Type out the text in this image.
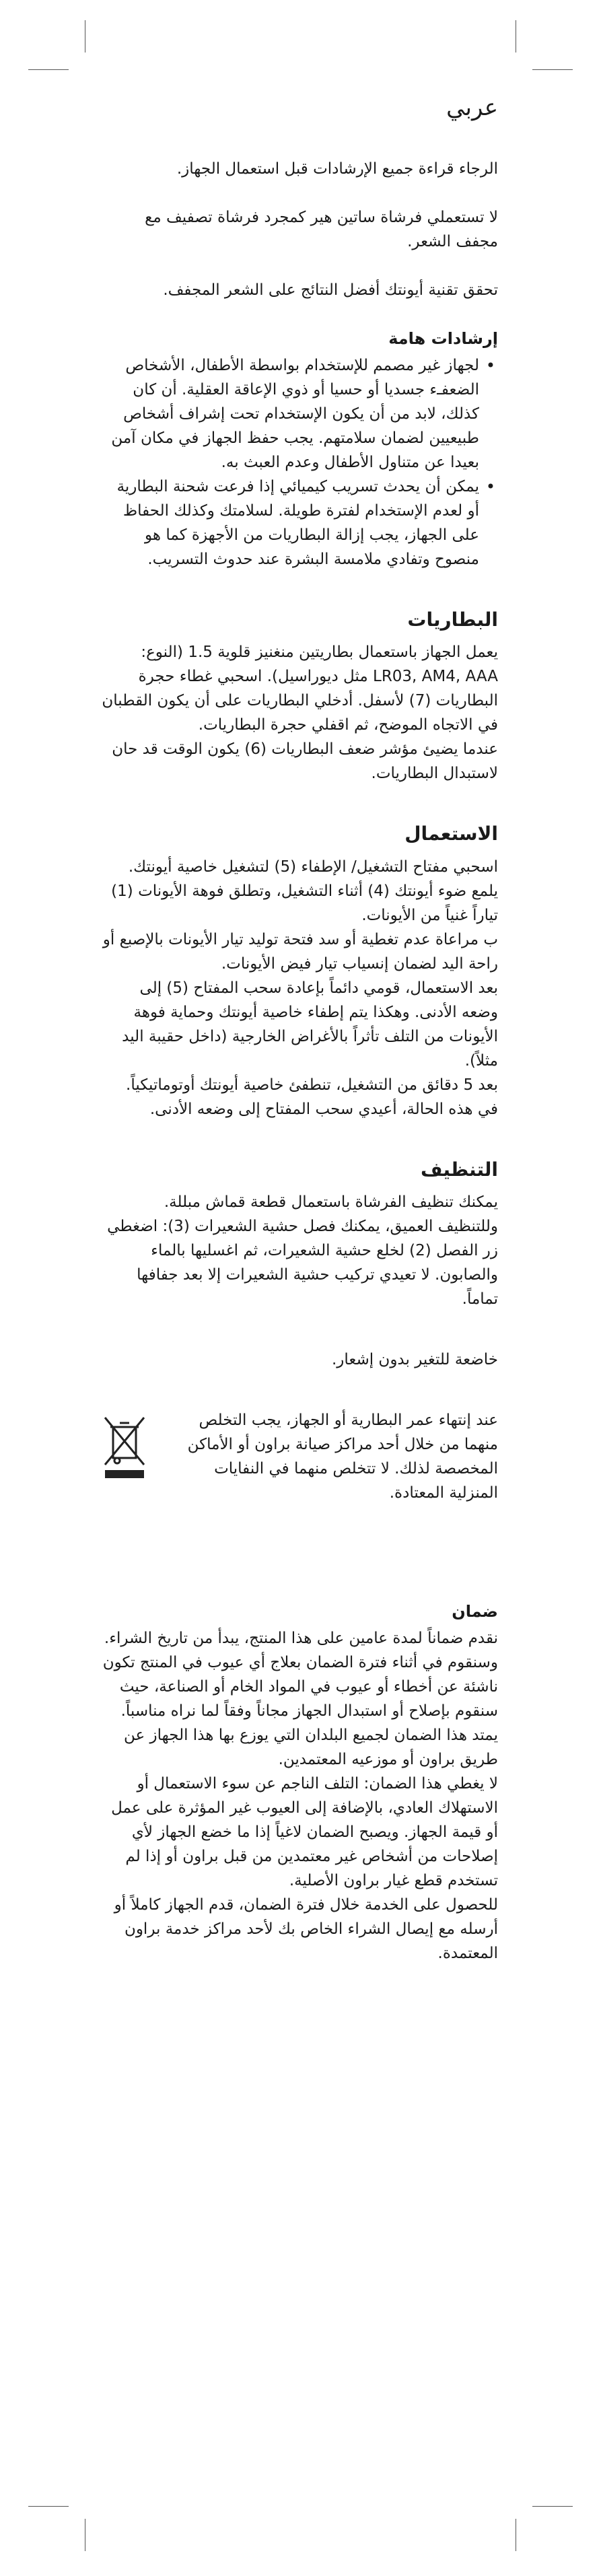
عربي

الرجاء قراءة جميع الإرشادات قبل استعمال الجهاز.

لا تستعملي فرشاة ساتين هير كمجرد فرشاة تصفيف مع مجفف الشعر.

تحقق تقنية أيونتك أفضل النتائج على الشعر المجفف.

إرشادات هامة
• لجهاز غير مصمم للإستخدام بواسطة الأطفال، الأشخاص الضعفـء جسديا أو حسيا أو ذوي الإعاقة العقلية. أن كان كذلك، لابد من أن يكون الإستخدام تحت إشراف أشخاص طبيعيين لضمان سلامتهم. يجب حفظ الجهاز في مكان آمن بعيدا عن متناول الأطفال وعدم العبث به.
• يمكن أن يحدث تسريب كيميائي إذا فرعت شحنة البطارية أو لعدم الإستخدام لفترة طويلة. لسلامتك وكذلك الحفاظ على الجهاز، يجب إزالة البطاريات من الأجهزة كما هو منصوح وتفادي ملامسة البشرة عند حدوث التسريب.
البطاريات

يعمل الجهاز باستعمال بطاريتين منغنيز قلوية 1.5 (النوع: LR03, AM4, AAA مثل ديوراسيل). اسحبي غطاء حجرة البطاريات (7) لأسفل. أدخلي البطاريات على أن يكون القطبان في الاتجاه الموضح، ثم اقفلي حجرة البطاريات.

عندما يضيئ مؤشر ضعف البطاريات (6) يكون الوقت قد حان لاستبدال البطاريات.

الاستعمال

اسحبي مفتاح التشغيل/ الإطفاء (5) لتشغيل خاصية أيونتك. يلمع ضوء أيونتك (4) أثناء التشغيل، وتطلق فوهة الأيونات (1) تياراً غنياً من الأيونات.

ب مراعاة عدم تغطية أو سد فتحة توليد تيار الأيونات بالإصبع أو راحة اليد لضمان إنسياب تيار فيض الأيونات.

بعد الاستعمال، قومي دائماً بإعادة سحب المفتاح (5) إلى وضعه الأدنى. وهكذا يتم إطفاء خاصية أيونتك وحماية فوهة الأيونات من التلف تأثراً بالأغراض الخارجية (داخل حقيبة اليد مثلاً).

بعد 5 دقائق من التشغيل، تنطفئ خاصية أيونتك أوتوماتيكياً. في هذه الحالة، أعيدي سحب المفتاح إلى وضعه الأدنى.

التنظيف

يمكنك تنظيف الفرشاة باستعمال قطعة قماش مبللة. وللتنظيف العميق، يمكنك فصل حشية الشعيرات (3): اضغطي زر الفصل (2) لخلع حشية الشعيرات، ثم اغسليها بالماء والصابون. لا تعيدي تركيب حشية الشعيرات إلا بعد جفافها تماماً.

خاضعة للتغير بدون إشعار.

عند إنتهاء عمر البطارية أو الجهاز، يجب التخلص منهما من خلال أحد مراكز صيانة براون أو الأماكن المخصصة لذلك. لا تتخلص منهما في النفايات المنزلية المعتادة.

ضمان

نقدم ضماناً لمدة عامين على هذا المنتج، يبدأ من تاريخ الشراء. وسنقوم في أثناء فترة الضمان بعلاج أي عيوب في المنتج تكون ناشئة عن أخطاء أو عيوب في المواد الخام أو الصناعة، حيث سنقوم بإصلاح أو استبدال الجهاز مجاناً وفقاً لما نراه مناسباً.

يمتد هذا الضمان لجميع البلدان التي يوزع بها هذا الجهاز عن طريق براون أو موزعيه المعتمدين.

لا يغطي هذا الضمان: التلف الناجم عن سوء الاستعمال أو الاستهلاك العادي، بالإضافة إلى العيوب غير المؤثرة على عمل أو قيمة الجهاز. ويصبح الضمان لاغياً إذا ما خضع الجهاز لأي إصلاحات من أشخاص غير معتمدين من قبل براون أو إذا لم تستخدم قطع غيار براون الأصلية.

للحصول على الخدمة خلال فترة الضمان، قدم الجهاز كاملاً أو أرسله مع إيصال الشراء الخاص بك لأحد مراكز خدمة براون المعتمدة.
